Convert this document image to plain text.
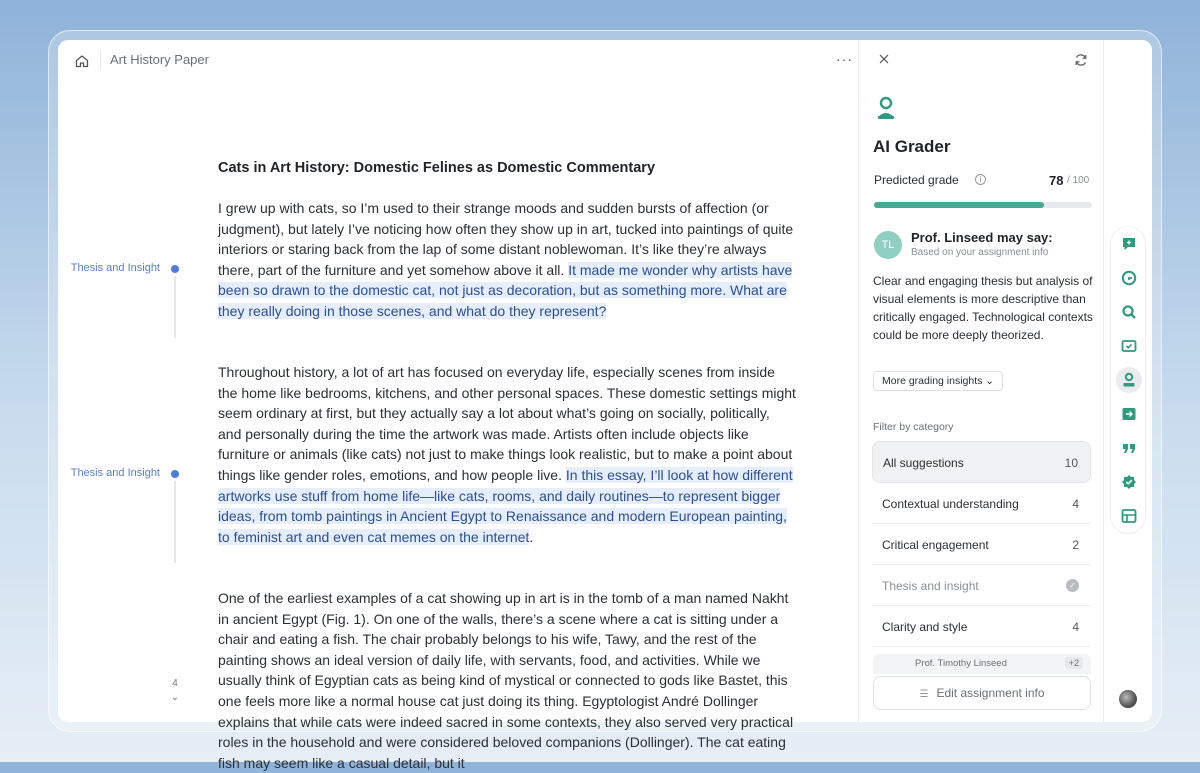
Art History Paper	···
Cats in Art History: Domestic Felines as Domestic Commentary
I grew up with cats, so I’m used to their strange moods and sudden bursts of affection (or judgment), but lately I’ve noticing how often they show up in art, tucked into paintings of quite interiors or staring back from the lap of some distant noblewoman. It’s like they’re always there, part of the furniture and yet somehow above it all. It made me wonder why artists have been so drawn to the domestic cat, not just as decoration, but as something more. What are they really doing in those scenes, and what do they represent?
Throughout history, a lot of art has focused on everyday life, especially scenes from inside the home like bedrooms, kitchens, and other personal spaces. These domestic settings might seem ordinary at first, but they actually say a lot about what’s going on socially, politically, and personally during the time the artwork was made. Artists often include objects like furniture or animals (like cats) not just to make things look realistic, but to make a point about things like gender roles, emotions, and how people live. In this essay, I’ll look at how different artworks use stuff from home life—like cats, rooms, and daily routines—to represent bigger ideas, from tomb paintings in Ancient Egypt to Renaissance and modern European painting, to feminist art and even cat memes on the internet.
One of the earliest examples of a cat showing up in art is in the tomb of a man named Nakht in ancient Egypt (Fig. 1). On one of the walls, there’s a scene where a cat is sitting under a chair and eating a fish. The chair probably belongs to his wife, Tawy, and the rest of the painting shows an ideal version of daily life, with servants, food, and activities. While we usually think of Egyptian cats as being kind of mystical or connected to gods like Bastet, this one feels more like a normal house cat just doing its thing. Egyptologist André Dollinger explains that while cats were indeed sacred in some contexts, they also served very practical roles in the household and were considered beloved companions (Dollinger). The cat eating fish may seem like a casual detail, but it
Thesis and Insight
Thesis and Insight
4
⌄
AI Grader
Predicted grade	i	78 / 100
TL	Prof. Linseed may say:
Based on your assignment info
Clear and engaging thesis but analysis of visual elements is more descriptive than critically engaged. Technological contexts could be more deeply theorized.
More grading insights ⌄
Filter by category
All suggestions	10
Contextual understanding	4
Critical engagement	2
Thesis and insight	✓
Clarity and style	4
Prof. Timothy Linseed	+2
☰ Edit assignment info
